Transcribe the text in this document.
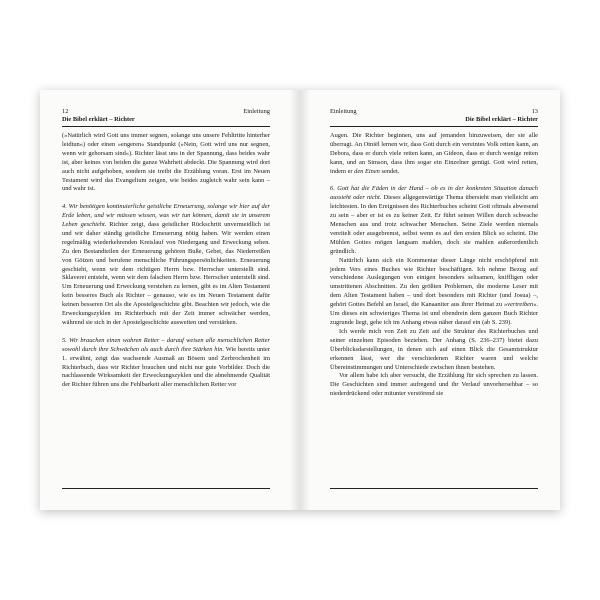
12	Einleitung
Die Bibel erklärt – Richter

(»Natürlich wird Gott uns immer segnen, solange uns unsere Fehltritte hinterher leidtun«) oder einen »engeren« Standpunkt (»Nein, Gott wird uns nur segnen, wenn wir gehorsam sind«). Richter lässt uns in der Spannung, dass beides wahr ist, aber keines von beiden die ganze Wahrheit abdeckt. Die Spannung wird dort auch nicht aufgehoben, sondern sie treibt die Erzählung voran. Erst im Neuen Testament wird das Evangelium zeigen, wie beides zugleich wahr sein kann – und wahr ist.

4. Wir benötigen kontinuierliche geistliche Erneuerung, solange wir hier auf der Erde leben, und wir müssen wissen, was wir tun können, damit sie in unserem Leben geschieht. Richter zeigt, dass geistlicher Rückschritt unvermeidlich ist und wir daher ständig geistliche Erneuerung nötig haben. Wir werden einen regelmäßig wiederkehrenden Kreislauf von Niedergang und Erweckung sehen. Zu den Bestandteilen der Erneuerung gehören Buße, Gebet, das Niederreißen von Götzen und berufene menschliche Führungspersönlichkeiten. Erneuerung geschieht, wenn wir dem richtigen Herrn bzw. Herrscher unterstellt sind. Sklaverei entsteht, wenn wir dem falschen Herrn bzw. Herrscher unterstellt sind. Um Erneuerung und Erweckung verstehen zu lernen, gibt es im Alten Testament kein besseres Buch als Richter – genauso, wie es im Neuen Testament dafür keinen besseren Ort als die Apostelgeschichte gibt. Beachten wir jedoch, wie die Erweckungszyklen im Richterbuch mit der Zeit immer schwächer werden, während sie sich in der Apostelgeschichte ausweiten und verstärken.

5. Wir brauchen einen wahren Retter – darauf weisen alle menschlichen Retter sowohl durch ihre Schwächen als auch durch ihre Stärken hin. Wie bereits unter 1. erwähnt, zeigt das wachsende Ausmaß an Bösem und Zerbrochenheit im Richterbuch, dass wir Richter brauchen und nicht nur gute Vorbilder. Doch die nachlassende Wirksamkeit der Erweckungszyklen und die abnehmende Qualität der Richter führen uns die Fehlbarkeit aller menschlichen Retter vor

Einleitung	13
Die Bibel erklärt – Richter

Augen. Die Richter beginnen, uns auf jemanden hinzuweisen, der sie alle überragt. An Otniël lernen wir, dass Gott durch ein vereintes Volk retten kann, an Debora, dass er durch viele retten kann, an Gideon, dass er durch wenige retten kann, und an Simson, dass ihm sogar ein Einzelner genügt. Gott wird retten, indem er den Einen sendet.

6. Gott hat die Fäden in der Hand – ob es in der konkreten Situation danach aussieht oder nicht. Dieses allgegenwärtige Thema übersieht man vielleicht am leichtesten. In den Ereignissen des Richterbuches scheint Gott oftmals abwesend zu sein – aber er ist es zu keiner Zeit. Er führt seinen Willen durch schwache Menschen aus und trotz schwacher Menschen. Seine Ziele werden niemals vereitelt oder ausgebremst, selbst wenn es auf den ersten Blick so scheint. Die Mühlen Gottes mögen langsam mahlen, doch sie mahlen außerordentlich gründlich.

Natürlich kann sich ein Kommentar dieser Länge nicht erschöpfend mit jedem Vers eines Buches wie Richter beschäftigen. Ich nehme Bezug auf verschiedene Auslegungen von einigen besonders seltsamen, kniffligen oder umstrittenen Abschnitten. Zu den größten Problemen, die moderne Leser mit dem Alten Testament haben – und dort besonders mit Richter (und Josua) –, gehört Gottes Befehl an Israel, die Kanaaniter aus ihrer Heimat zu »vertreiben«. Um dieses ein schwieriges Thema ist und obendrein dem ganzen Buch Richter zugrunde liegt, gehe ich im Anhang etwas näher darauf ein (ab S. 239).

Ich werde mich von Zeit zu Zeit auf die Struktur des Richterbuches und seiner einzelnen Episoden beziehen. Der Anhang (S. 236–237) bietet dazu Überblicksdarstellungen, in denen sich auf einen Blick die Gesamtstruktur erkennen lässt, wer die verschiedenen Richter waren und welche Übereinstimmungen und Unterschiede zwischen ihnen bestehen.

Vor allem habe ich aber versucht, die Erzählung für sich sprechen zu lassen. Die Geschichten sind immer aufregend und ihr Verlauf unvorhersehbar – so niederdrückend oder mitunter verstörend sie
